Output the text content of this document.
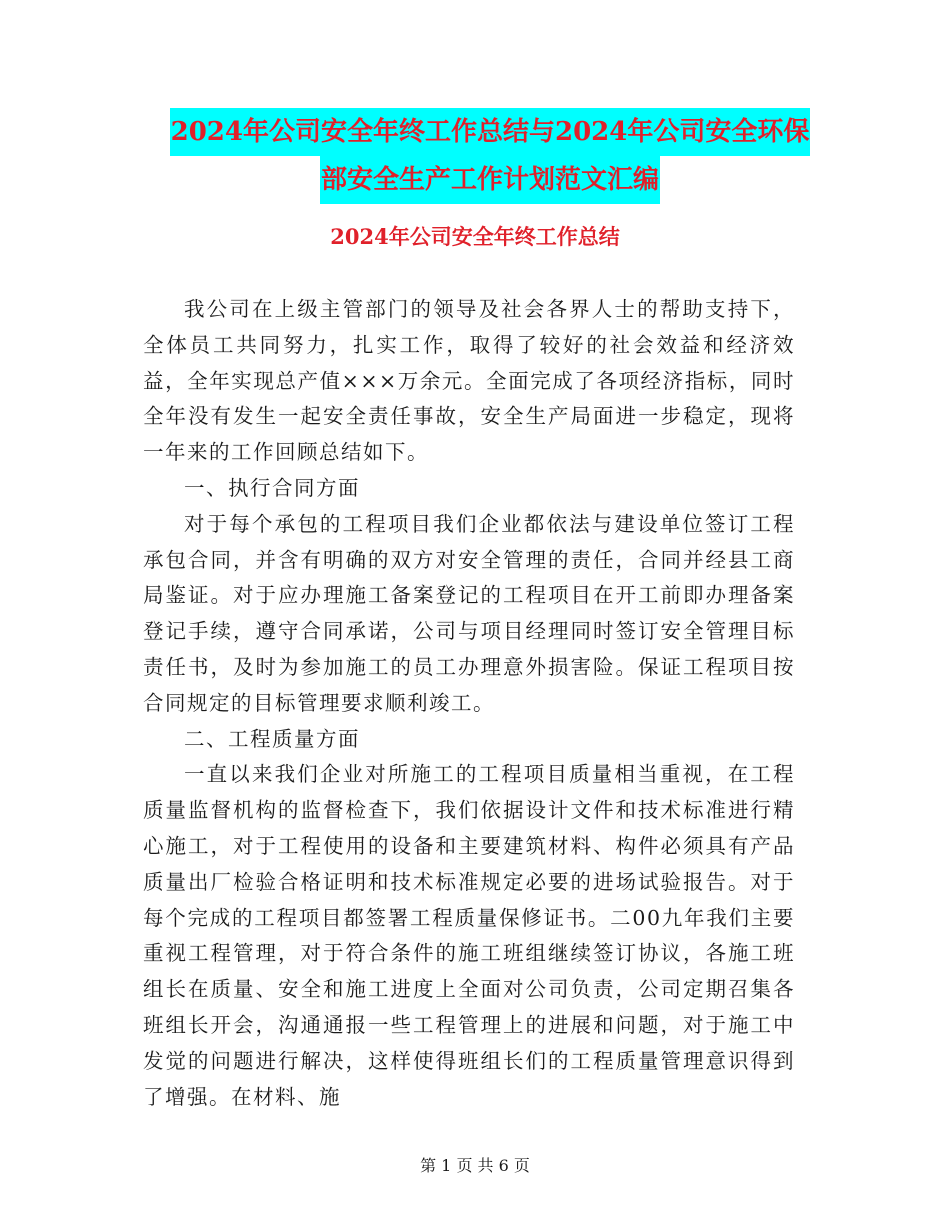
2024年公司安全年终工作总结与2024年公司安全环保
部安全生产工作计划范文汇编
2024年公司安全年终工作总结

我公司在上级主管部门的领导及社会各界人士的帮助支持下，全体员工共同努力，扎实工作，取得了较好的社会效益和经济效益，全年实现总产值×××万余元。全面完成了各项经济指标，同时全年没有发生一起安全责任事故，安全生产局面进一步稳定，现将一年来的工作回顾总结如下。

一、执行合同方面

对于每个承包的工程项目我们企业都依法与建设单位签订工程承包合同，并含有明确的双方对安全管理的责任，合同并经县工商局鉴证。对于应办理施工备案登记的工程项目在开工前即办理备案登记手续，遵守合同承诺，公司与项目经理同时签订安全管理目标责任书，及时为参加施工的员工办理意外损害险。保证工程项目按合同规定的目标管理要求顺利竣工。

二、工程质量方面

一直以来我们企业对所施工的工程项目质量相当重视，在工程质量监督机构的监督检查下，我们依据设计文件和技术标准进行精心施工，对于工程使用的设备和主要建筑材料、构件必须具有产品质量出厂检验合格证明和技术标准规定必要的进场试验报告。对于每个完成的工程项目都签署工程质量保修证书。二00九年我们主要重视工程管理，对于符合条件的施工班组继续签订协议，各施工班组长在质量、安全和施工进度上全面对公司负责，公司定期召集各班组长开会，沟通通报一些工程管理上的进展和问题，对于施工中发觉的问题进行解决，这样使得班组长们的工程质量管理意识得到了增强。在材料、施

第 1 页 共 6 页
